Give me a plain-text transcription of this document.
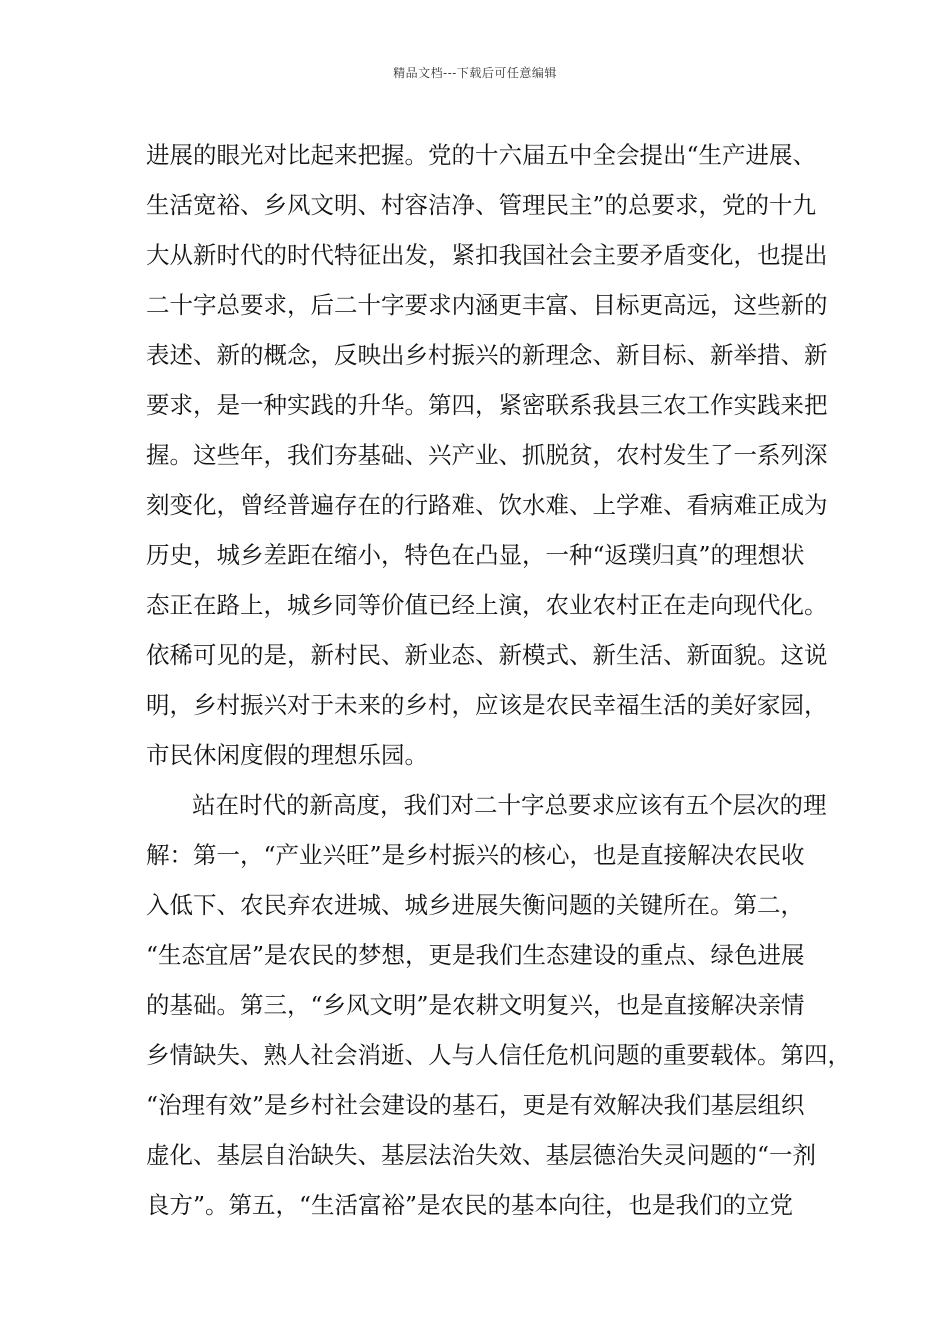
精品文档---下载后可任意编辑
进展的眼光对比起来把握。党的十六届五中全会提出“生产进展、
生活宽裕、乡风文明、村容洁净、管理民主”的总要求，党的十九
大从新时代的时代特征出发，紧扣我国社会主要矛盾变化，也提出
二十字总要求，后二十字要求内涵更丰富、目标更高远，这些新的
表述、新的概念，反映出乡村振兴的新理念、新目标、新举措、新
要求，是一种实践的升华。第四，紧密联系我县三农工作实践来把
握。这些年，我们夯基础、兴产业、抓脱贫，农村发生了一系列深
刻变化，曾经普遍存在的行路难、饮水难、上学难、看病难正成为
历史，城乡差距在缩小，特色在凸显，一种“返璞归真”的理想状
态正在路上，城乡同等价值已经上演，农业农村正在走向现代化。
依稀可见的是，新村民、新业态、新模式、新生活、新面貌。这说
明，乡村振兴对于未来的乡村，应该是农民幸福生活的美好家园，
市民休闲度假的理想乐园。
站在时代的新高度，我们对二十字总要求应该有五个层次的理
解：第一，“产业兴旺”是乡村振兴的核心，也是直接解决农民收
入低下、农民弃农进城、城乡进展失衡问题的关键所在。第二，
“生态宜居”是农民的梦想，更是我们生态建设的重点、绿色进展
的基础。第三，“乡风文明”是农耕文明复兴，也是直接解决亲情
乡情缺失、熟人社会消逝、人与人信任危机问题的重要载体。第四，
“治理有效”是乡村社会建设的基石，更是有效解决我们基层组织
虚化、基层自治缺失、基层法治失效、基层德治失灵问题的“一剂
良方”。第五，“生活富裕”是农民的基本向往，也是我们的立党
